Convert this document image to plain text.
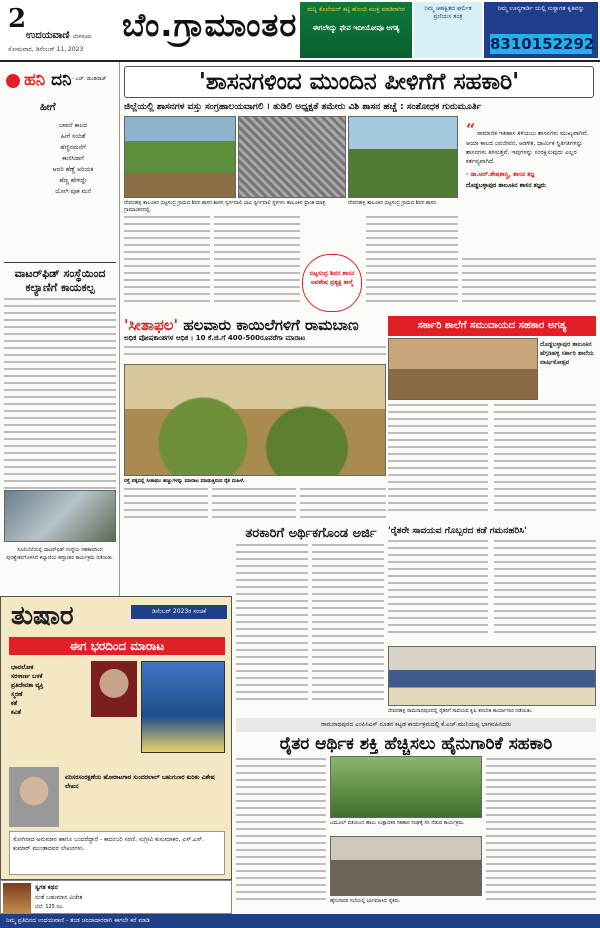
2
ಉದಯವಾಣಿ ಬೆಂಗಳೂರು
ಸೋಮವಾರ, ಡಿಸೆಂಬರ್ 11, 2023
ಬೆಂ.ಗ್ರಾಮಾಂತರ	ಮನ್ನಿ ಕೊಲೆಯರ್ ಕಟ್ಟಿ ಹೊಂದಿ ಮುಕ್ತ ಮಾಡಿರಾಗಿರ
ಈಗಲೇದ್ಯು ಫೇವ ಇದೀಯೋವೂ ಅಗತ್ಯ
ನಿಮ್ಮ ಆಹಕ್ವಿತದ ಘರ್ಲಿತ ಪ್ರಣಿಯಸ ತಂತ್ರ
ನಿಮ್ಮ ಊನ್ಯಗಾರ್ಡಿ ಯಲ್ಲಿ ಸುಸ್ವಾಗತ ಕೃತಿವನ್ನು
8310152292
ಹನಿ ದನಿ - ಎಚ್. ಡುಂಡಿರಾಜ್
ಹೀಗೆ
ಬಾವನೆ ಕಾಲದ
ಹೀಗೆ ಸಂದಿತೆ
ಹೆಣ್ಣಿನಮನೆಗೆ
ಕಾಣಿಸಿದಾಗೆ
ಆದರಿ ಹೆಣ್ಣೆ ಅರಿಯಕ
ಹೆಣ್ಣ ಹೇಳಿದ್ದೇ
ಯೋಗಿ ಪೂಕ ಮನೆ
ವಾಟರ್‌ಫಿಡ್ ಸಂಸ್ಥೆಯಿಂದ ಕಲ್ಯಾಣಿಗೆ ಕಾಯಕಲ್ಪ
ಸೂಲಿಬೆಲೆಯಲ್ಲಿ ವಾಟರ್‌ಫಿಡ್ ಸಂಸ್ಥೆಯ ಸಹಕಾರದಿಂದ ಪುನಶ್ಚೇತನಗೊಳಿಸಿದ ಕಲ್ಯಾಣಿಯ ಹಸ್ತಾಂತರ ಕಾರ್ಯಕ್ರಮ ನಡೆಯಿತು.
'ಶಾಸನಗಳಿಂದ ಮುಂದಿನ ಪೀಳಿಗೆಗೆ ಸಹಕಾರಿ'
ಜಿಲ್ಲೆಯಲ್ಲಿ ಶಾಸನಗಳ ವಸ್ತು ಸಂಗ್ರಹಾಲಯವಾಗಲಿ । ತುಡಿಲಿ ಅಧ್ಯಕ್ಷತೆ ತಮೇರು ವಿಶಿ ಶಾಸನ ಹಚ್ಚೆ : ಸಂಶೋಧಕ ಗುರುಮೂರ್ತಿ
ದೇವನಹಳ್ಳಿ ತಾಲೂಕಿನ ಬಿಟ್ಟಸಂದ್ರ ಗ್ರಾಮದ ಶಿವನ ಶಾಸನ ಶಾಸನ ಸ್ವರ್ಗವಾಲಿ ಭಾವಿ ಸ್ವರ್ಗವಾಲಿ ಸ್ಥಳಗಳು ತಾಲೂಕಿನ ಪ್ರಾಂತ ಮಾತ್ರ ಗ್ರಾಮಾಂತರದಲ್ಲಿ.
ದೇವನಹಳ್ಳಿ ತಾಲೂಕಿನ ಬಿಟ್ಟಸಂದ್ರ ಗ್ರಾಮದ ಶಿವನ ಶಾಸನ.
ಬಿಟ್ಟಸಂದ್ರ ಶಿವನ ಶಾಸನ ಅವಶೇಷ ಪ್ರತ್ಯಕ್ಷ ತಾಳ್ಮೆ
“ ಸಾಮಾಜಿಕ ಇತಿಹಾಸ ತಿಳಿಯಲು ಶಾಸನಗಳು ಮುಖ್ಯವಾಗಿವೆ. ಆಯಾ ಕಾಲದ ಜನಜೀವನ, ಆಡಳಿತ, ಧಾರ್ಮಿಕ ಸ್ಥಿತಿಗತಿಗಳನ್ನು ಶಾಸನಗಳು ತಿಳಿಸುತ್ತವೆ. ಇವುಗಳನ್ನು ಸಂರಕ್ಷಿಸುವುದು ಎಲ್ಲರ ಕರ್ತವ್ಯವಾಗಿದೆ.
- ಡಾ.ಆರ್.ಶೇಷಶಾಸ್ತ್ರಿ, ಶಾಸನ ತಜ್ಞ
ದೊಡ್ಡಬಳ್ಳಾಪುರ ತಾಲೂಕಿನ ಶಾಸನ ತಜ್ಞರು
'ಸೀತಾಫಲ' ಹಲವಾರು ಕಾಯಿಲೆಗಳಿಗೆ ರಾಮಬಾಣ
ಅಧಿಕ ಪೋಷಕಾಂಶಗಳ ಆಧಿಕ । 10 ಕೆ.ಜಿ.ಗೆ 400-500ರೂವರೆಗಾ ಮಾರಾಟ
ರಸ್ತೆ ಪಕ್ಕದಲ್ಲಿ ಸೀತಾಫಲ ಹಣ್ಣುಗಳನ್ನು ಮಾರಾಟ ಮಾಡುತ್ತಿರುವ ರೈತ ಮಹಿಳೆ.
ಸರ್ಕಾರಿ ಶಾಲೆಗೆ ಸಮುದಾಯದ ಸಹಕಾರ ಅಗತ್ಯ
ದೊಡ್ಡಬಳ್ಳಾಪುರ ತಾಲೂಕಿನ ಹೆಗ್ಗಡಿಹಳ್ಳಿ ಸರ್ಕಾರಿ ಶಾಲೆಯ ವಾರ್ಷಿಕೋತ್ಸವ
'ರೈತರೇ ಸಾವಯವ ಗೊಬ್ಬರದ ಕಡೆ ಗಮನಹರಿಸಿ'
ದೇವನಹಳ್ಳಿ ರಾಮನಾಥಪುರದಲ್ಲಿ ರೈತರಿಗೆ ಸಾವಯವ ಕೃಷಿ ತರಬೇತಿ ಕಾರ್ಯಾಗಾರ ನಡೆಯಿತು.
ತರಕಾರಿಗೆ ಅರ್ಥಿಕಗೊಂಡ ಅರ್ಜಿ
ತುಷಾರ	ಡಿಸೆಂಬರ್ 2023ರ ಸಂಚಿಕೆ
ಈಗ ಭರದಿಂದ ಮಾರಾಟ
ಭಾವಲೋಕ
ಸರಳಾರ್ಣ ಬಳಕೆ
ಪ್ರತಿದೇವತಾ ವ್ಯಕ್ತಿ
ಸ್ಮರಣೆ
ಕತೆ
ಕವಿತೆ
ಪರಿಸರಸಂರಕ್ಷಣೆಯ ಹೋರಾಟಗಾರ ಸುಂದರಲಾಲ್ ಬಹುಗುಣರ ಕುರಿತು ವಿಶೇಷ ಲೇಖನ
ಸೋಗಿನಾದ ಅನುಮಾನ ಹಾಗೂ ಬಂದರೆದ್ದಾರೆ - ಕಾದಂಬರಿ ಸರಣಿ. ಸುಗ್ರೀವಿ ಕುಸುಮಾಕರ, ಎಸ್.ಎಸ್. ಕುಮಾರ್ ಮುಂತಾದವರ ಲೇಖನಗಳು.
ಸ್ವಗತ ಕಥನ
ಸಂತೆ ಬಹುಮಾನ ವಿಜೇತ
ಬೆಲೆ: 125 ರೂ.
ರಾಮನಾಥಪುರದ ಎಂಪಿಸಿಎಸ್ ನೂತನ ಕಟ್ಟಡ ಕಾರ್ಯಕ್ರಮದಲ್ಲಿ ಕೆ.ಎಚ್.ಮುನಿಯಪ್ಪ ಭಾಗವಹಿಸಿದರು
ರೈತರ ಆರ್ಥಿಕ ಶಕ್ತಿ ಹೆಚ್ಚಿಸಲು ಹೈನುಗಾರಿಕೆ ಸಹಕಾರಿ
ಬಮೂಲ್ ವತಿಯಿಂದ ಹಾಲು ಉತ್ಪಾದಕರ ಸಹಕಾರ ಸಂಘಕ್ಕೆ ಸಸಿ ನೆಡುವ ಕಾರ್ಯಕ್ರಮ.
ಹೈನುಗಾರರ ಸಭೆಯಲ್ಲಿ ಭಾಗವಹಿಸಿದ ರೈತರು.
ನಿಮ್ಮ ಪ್ರತಿದಿನದ ಉದಯವಾಣಿ - ತಂಡ ಚಂದಾದಾರರಾಗಿ ಈಗಲೇ ಕರೆ ಮಾಡಿ
